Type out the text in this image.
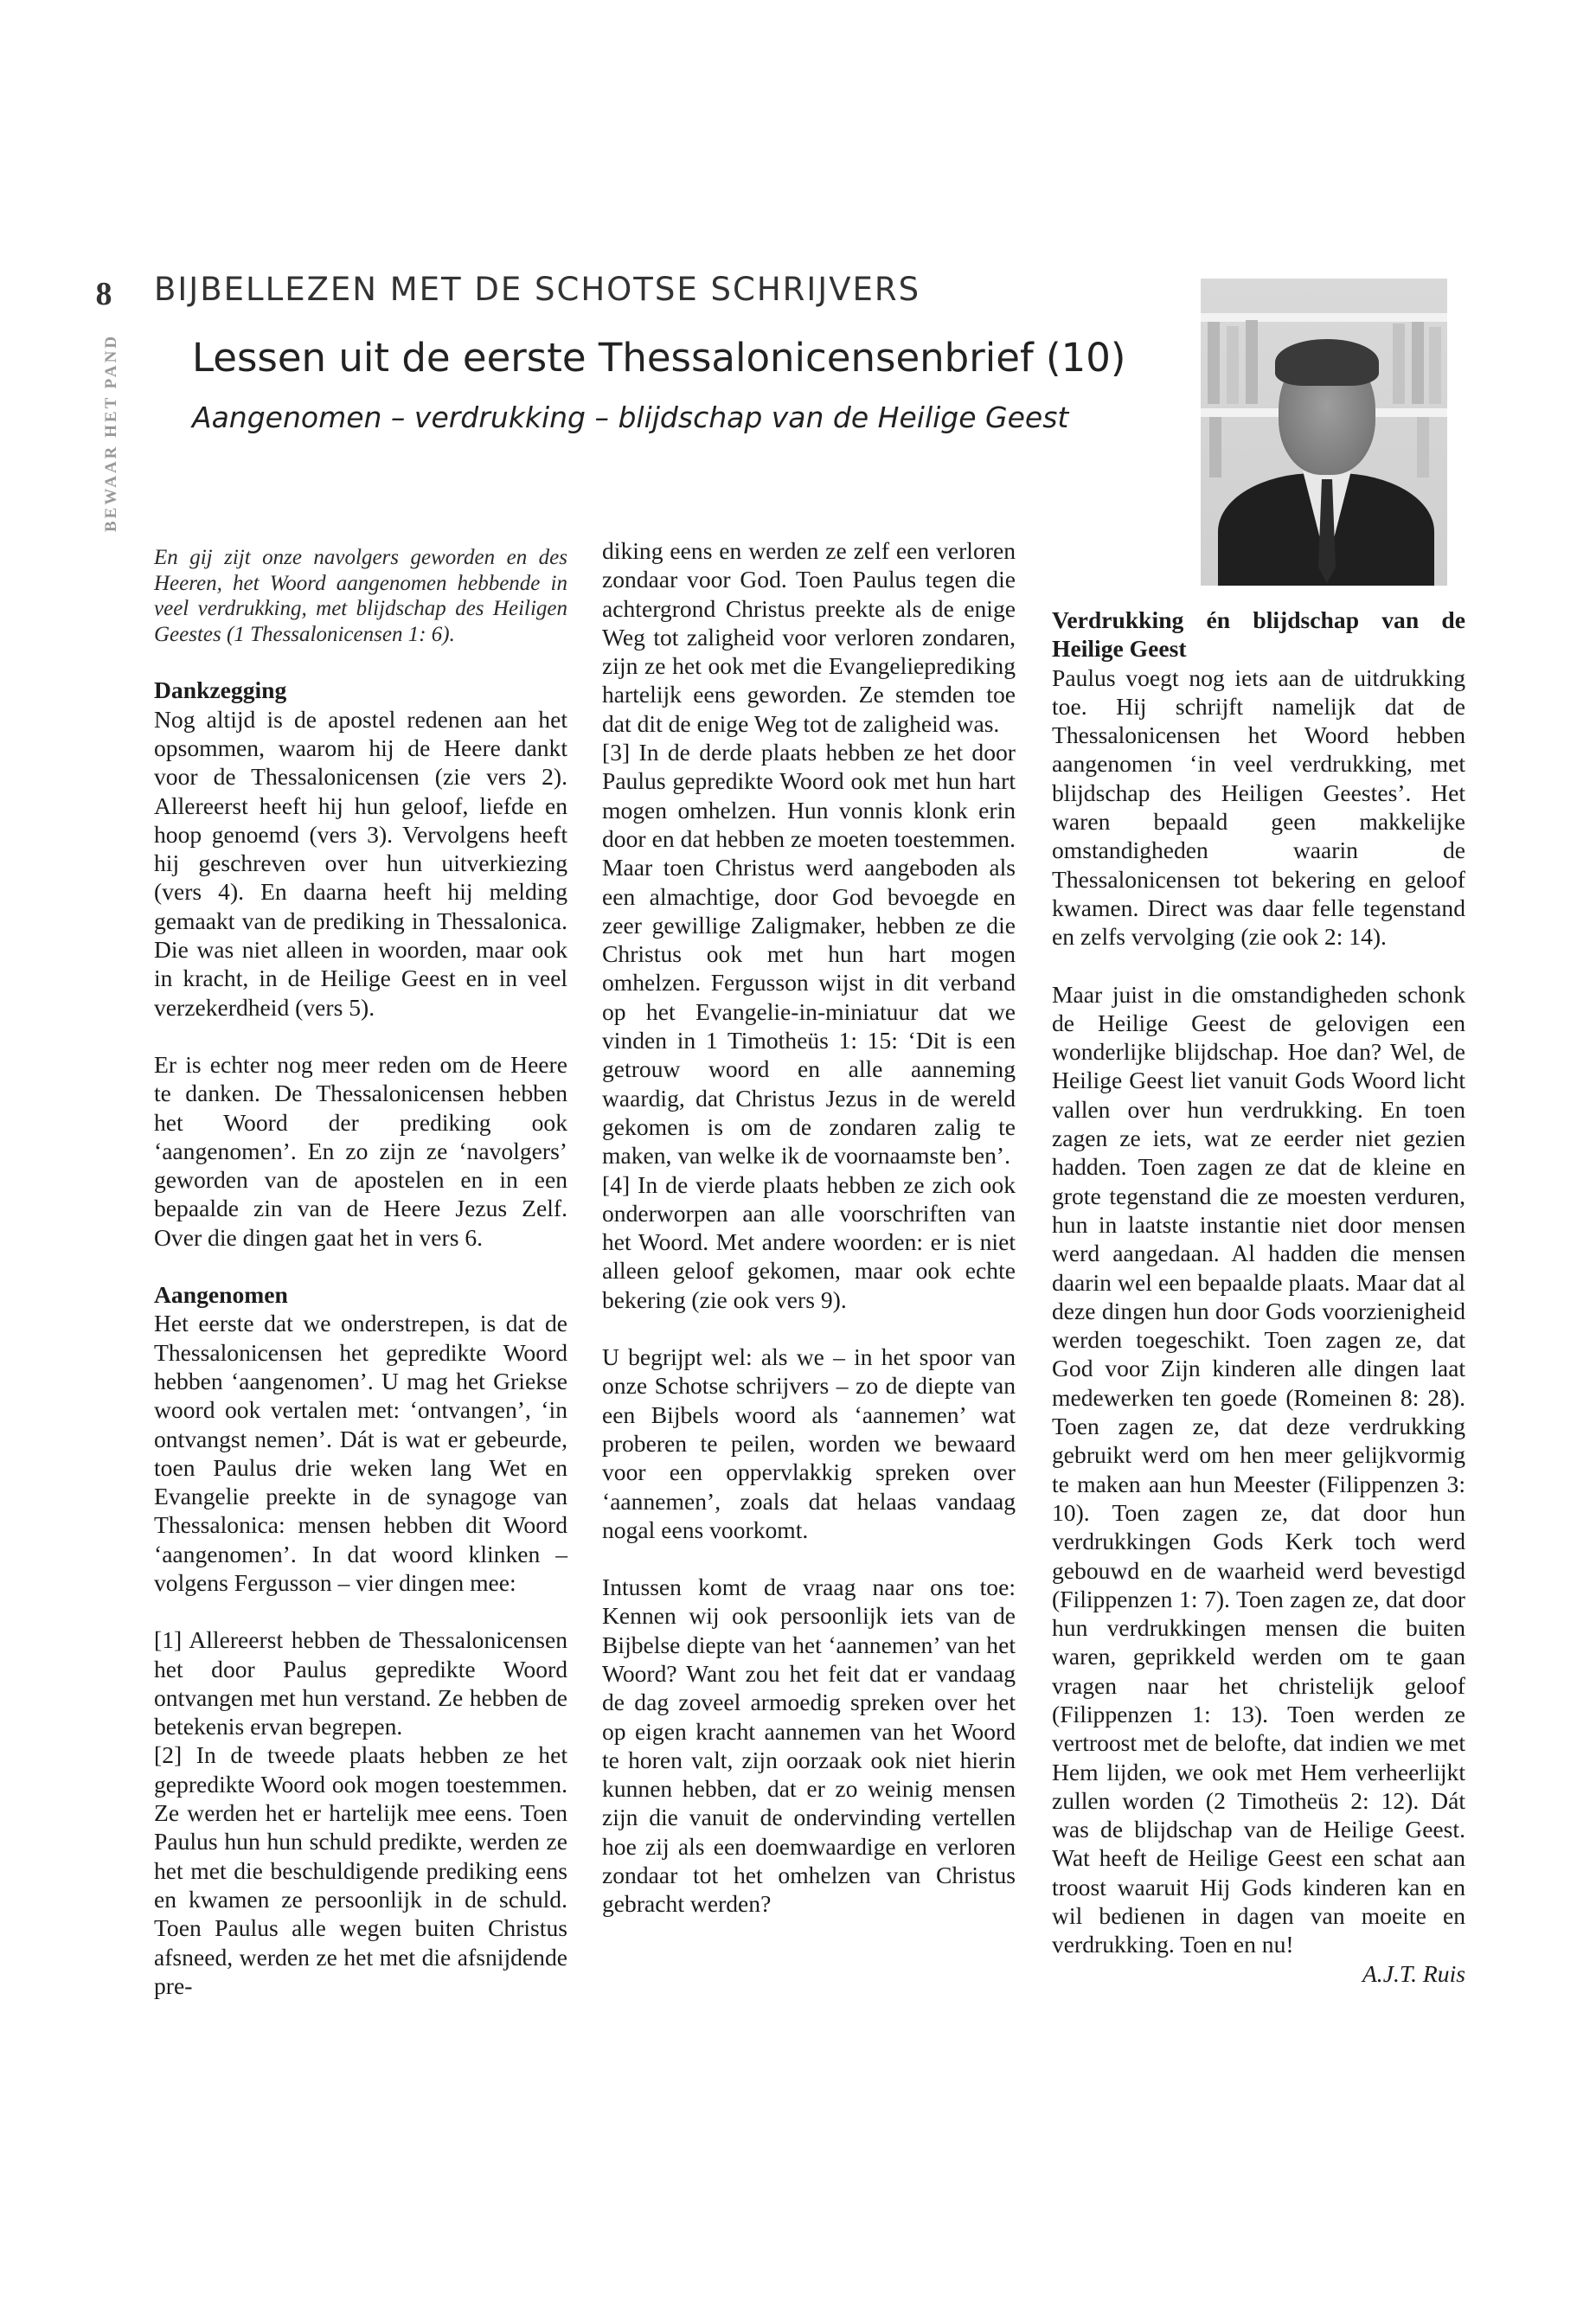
8
BEWAAR HET PAND
BIJBELLEZEN MET DE SCHOTSE SCHRIJVERS
Lessen uit de eerste Thessalonicensenbrief (10)
Aangenomen – verdrukking – blijdschap van de Heilige Geest

En gij zijt onze navolgers geworden en des Heeren, het Woord aangenomen hebbende in veel verdrukking, met blijdschap des Heiligen Geestes (1 Thessalonicensen 1: 6).

Dankzegging

Nog altijd is de apostel redenen aan het opsommen, waarom hij de Heere dankt voor de Thessalonicensen (zie vers 2). Allereerst heeft hij hun geloof, liefde en hoop genoemd (vers 3). Vervolgens heeft hij geschreven over hun uitverkiezing (vers 4). En daarna heeft hij melding gemaakt van de prediking in Thessalonica. Die was niet alleen in woorden, maar ook in kracht, in de Heilige Geest en in veel verzekerdheid (vers 5).

Er is echter nog meer reden om de Heere te danken. De Thessalonicensen hebben het Woord der prediking ook ‘aangenomen’. En zo zijn ze ‘navolgers’ geworden van de apostelen en in een bepaalde zin van de Heere Jezus Zelf. Over die dingen gaat het in vers 6.

Aangenomen

Het eerste dat we onderstrepen, is dat de Thessalonicensen het gepredikte Woord hebben ‘aangenomen’. U mag het Griekse woord ook vertalen met: ‘ontvangen’, ‘in ontvangst nemen’. Dát is wat er gebeurde, toen Paulus drie weken lang Wet en Evangelie preekte in de synagoge van Thessalonica: mensen hebben dit Woord ‘aangenomen’. In dat woord klinken – volgens Fergusson – vier dingen mee:

[1] Allereerst hebben de Thessalonicensen het door Paulus gepredikte Woord ontvangen met hun verstand. Ze hebben de betekenis ervan begrepen.

[2] In de tweede plaats hebben ze het gepredikte Woord ook mogen toestemmen. Ze werden het er hartelijk mee eens. Toen Paulus hun hun schuld predikte, werden ze het met die beschuldigende prediking eens en kwamen ze persoonlijk in de schuld. Toen Paulus alle wegen buiten Christus afsneed, werden ze het met die afsnijdende pre-

diking eens en werden ze zelf een verloren zondaar voor God. Toen Paulus tegen die achtergrond Christus preekte als de enige Weg tot zaligheid voor verloren zondaren, zijn ze het ook met die Evangelieprediking hartelijk eens geworden. Ze stemden toe dat dit de enige Weg tot de zaligheid was.

[3] In de derde plaats hebben ze het door Paulus gepredikte Woord ook met hun hart mogen omhelzen. Hun vonnis klonk erin door en dat hebben ze moeten toestemmen. Maar toen Christus werd aangeboden als een almachtige, door God bevoegde en zeer gewillige Zaligmaker, hebben ze die Christus ook met hun hart mogen omhelzen. Fergusson wijst in dit verband op het Evangelie-in-miniatuur dat we vinden in 1 Timotheüs 1: 15: ‘Dit is een getrouw woord en alle aanneming waardig, dat Christus Jezus in de wereld gekomen is om de zondaren zalig te maken, van welke ik de voornaamste ben’.

[4] In de vierde plaats hebben ze zich ook onderworpen aan alle voorschriften van het Woord. Met andere woorden: er is niet alleen geloof gekomen, maar ook echte bekering (zie ook vers 9).

U begrijpt wel: als we – in het spoor van onze Schotse schrijvers – zo de diepte van een Bijbels woord als ‘aannemen’ wat proberen te peilen, worden we bewaard voor een oppervlakkig spreken over ‘aannemen’, zoals dat helaas vandaag nogal eens voorkomt.

Intussen komt de vraag naar ons toe: Kennen wij ook persoonlijk iets van de Bijbelse diepte van het ‘aannemen’ van het Woord? Want zou het feit dat er vandaag de dag zoveel armoedig spreken over het op eigen kracht aannemen van het Woord te horen valt, zijn oorzaak ook niet hierin kunnen hebben, dat er zo weinig mensen zijn die vanuit de ondervinding vertellen hoe zij als een doemwaardige en verloren zondaar tot het omhelzen van Christus gebracht werden?

Verdrukking én blijdschap van de Heilige Geest

Paulus voegt nog iets aan de uitdrukking toe. Hij schrijft namelijk dat de Thessalonicensen het Woord hebben aangenomen ‘in veel verdrukking, met blijdschap des Heiligen Geestes’. Het waren bepaald geen makkelijke omstandigheden waarin de Thessalonicensen tot bekering en geloof kwamen. Direct was daar felle tegenstand en zelfs vervolging (zie ook 2: 14).

Maar juist in die omstandigheden schonk de Heilige Geest de gelovigen een wonderlijke blijdschap. Hoe dan? Wel, de Heilige Geest liet vanuit Gods Woord licht vallen over hun verdrukking. En toen zagen ze iets, wat ze eerder niet gezien hadden. Toen zagen ze dat de kleine en grote tegenstand die ze moesten verduren, hun in laatste instantie niet door mensen werd aangedaan. Al hadden die mensen daarin wel een bepaalde plaats. Maar dat al deze dingen hun door Gods voorzienigheid werden toegeschikt. Toen zagen ze, dat God voor Zijn kinderen alle dingen laat medewerken ten goede (Romeinen 8: 28). Toen zagen ze, dat deze verdrukking gebruikt werd om hen meer gelijkvormig te maken aan hun Meester (Filippenzen 3: 10). Toen zagen ze, dat door hun verdrukkingen Gods Kerk toch werd gebouwd en de waarheid werd bevestigd (Filippenzen 1: 7). Toen zagen ze, dat door hun verdrukkingen mensen die buiten waren, geprikkeld werden om te gaan vragen naar het christelijk geloof (Filippenzen 1: 13). Toen werden ze vertroost met de belofte, dat indien we met Hem lijden, we ook met Hem verheerlijkt zullen worden (2 Timotheüs 2: 12). Dát was de blijdschap van de Heilige Geest. Wat heeft de Heilige Geest een schat aan troost waaruit Hij Gods kinderen kan en wil bedienen in dagen van moeite en verdrukking. Toen en nu!

A.J.T. Ruis
